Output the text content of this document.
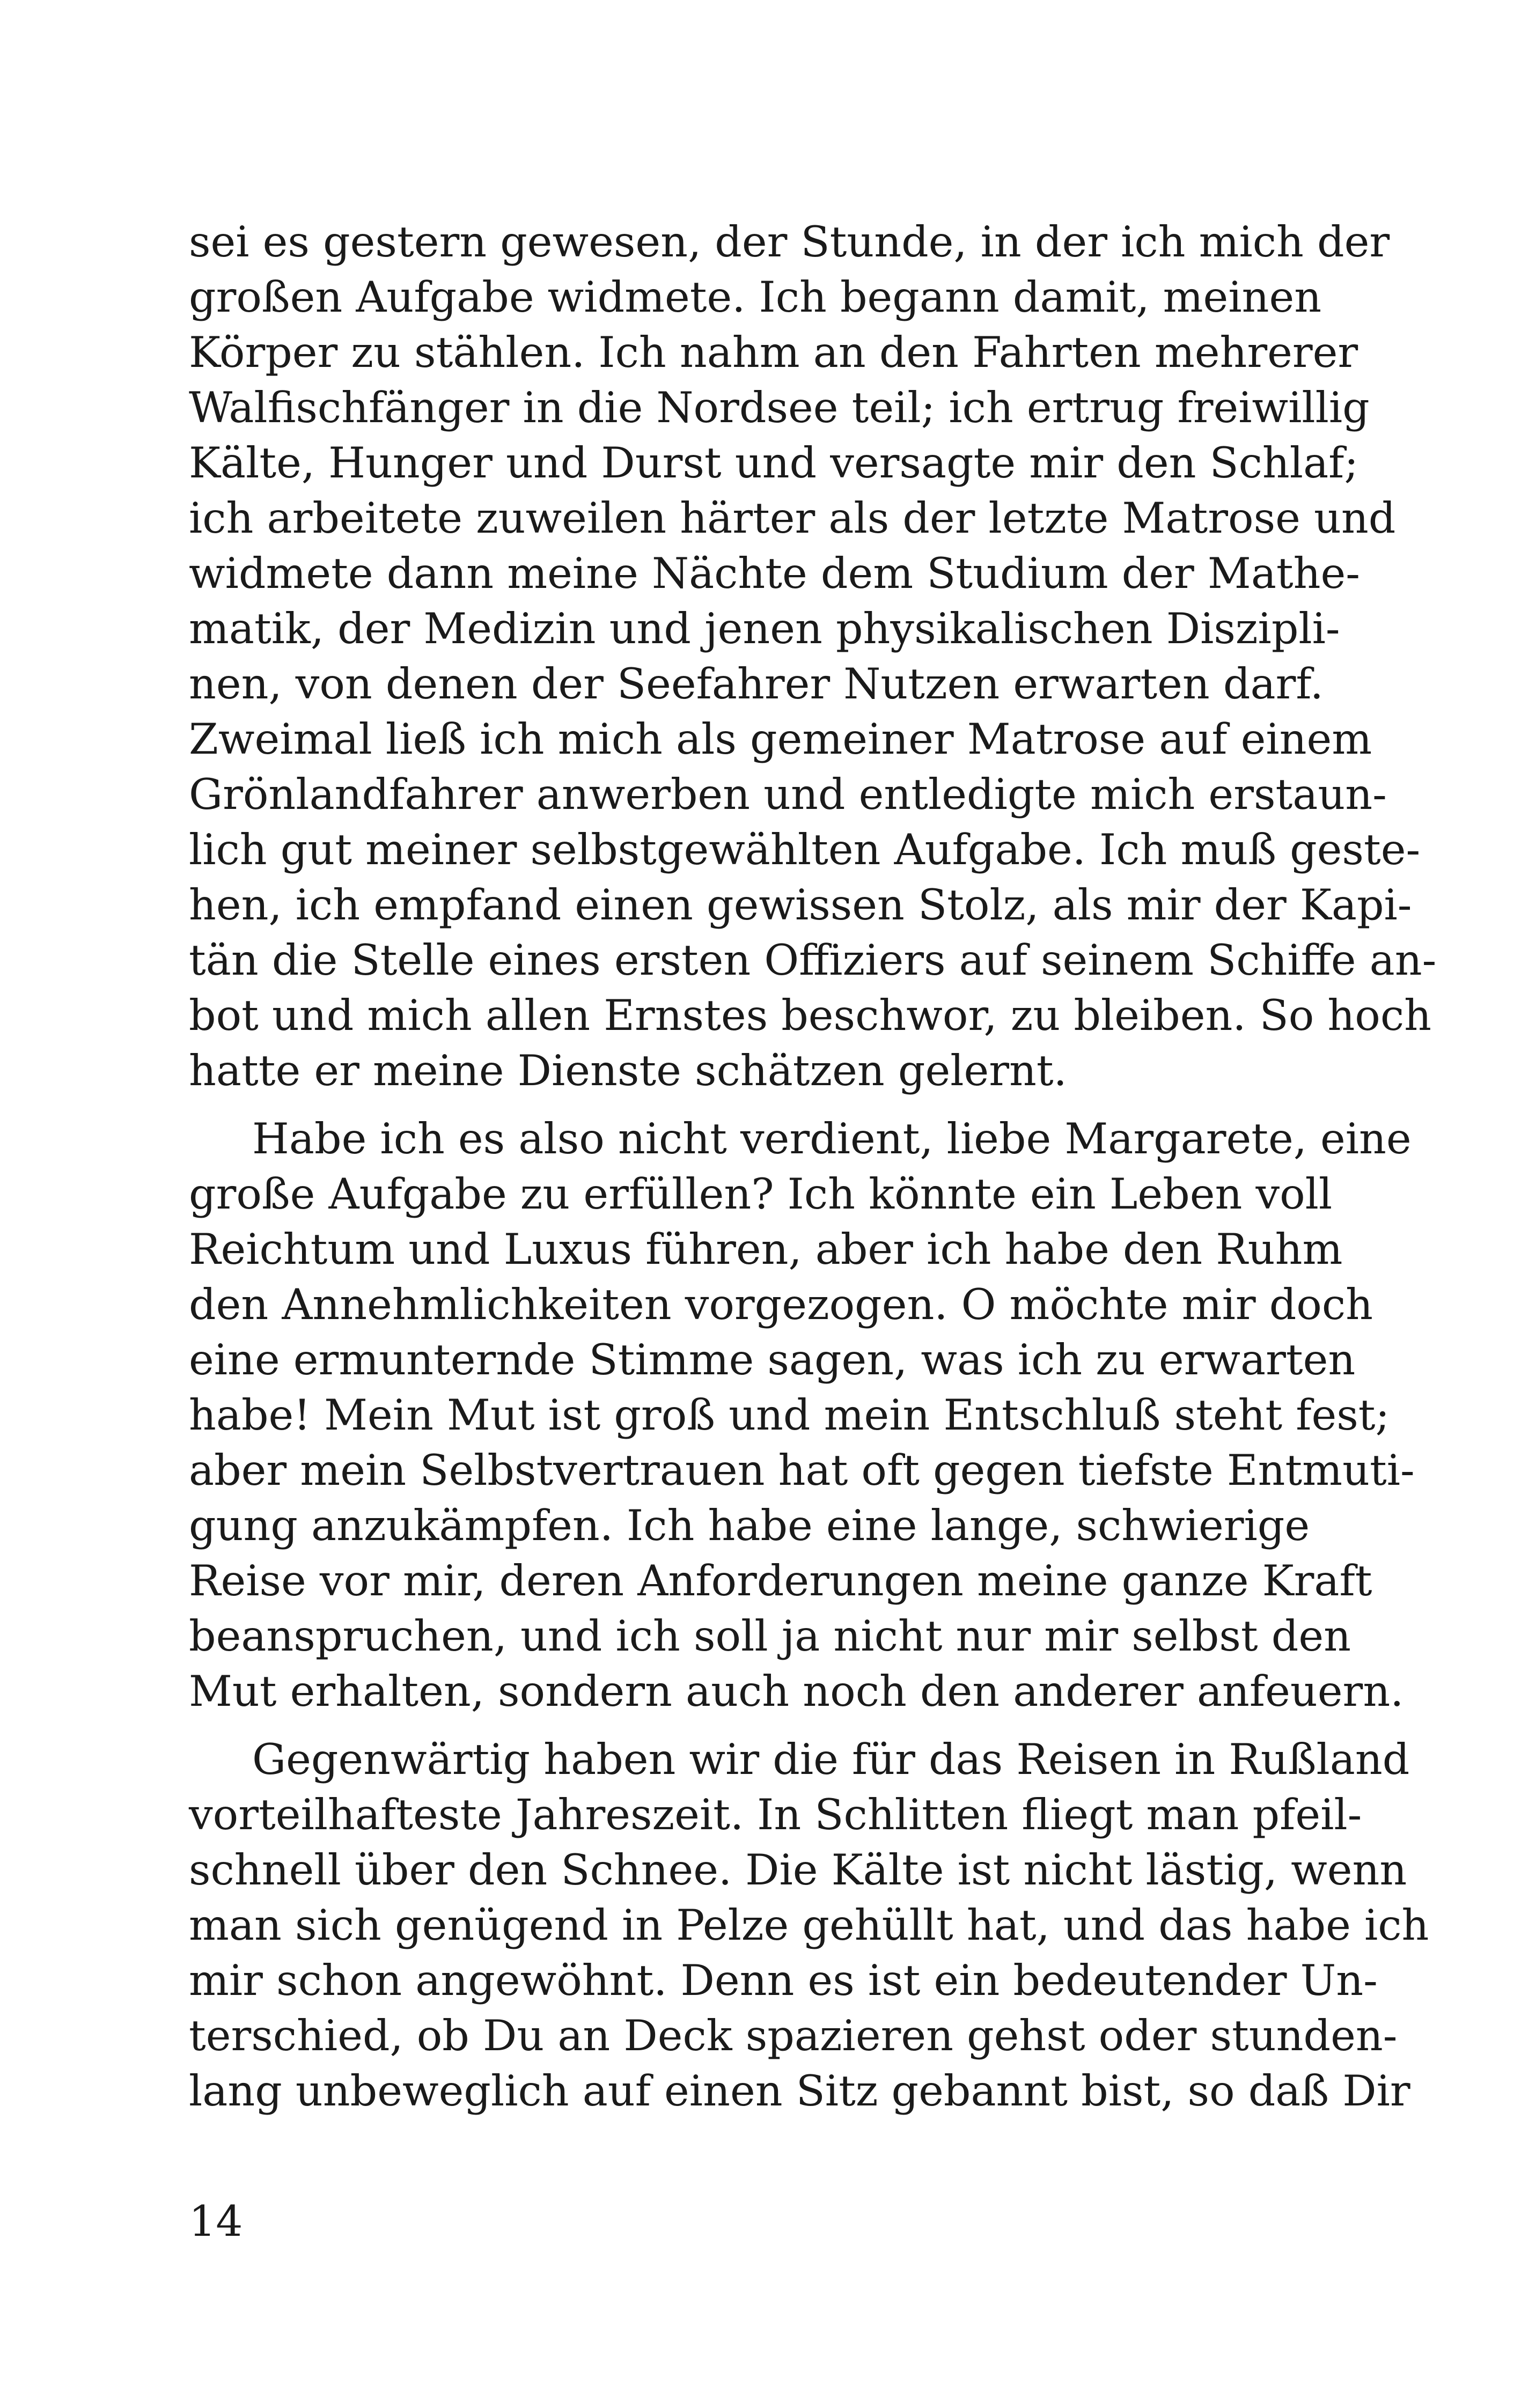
sei es gestern gewesen, der Stunde, in der ich mich der
großen Aufgabe widmete. Ich begann damit, meinen
Körper zu stählen. Ich nahm an den Fahrten mehrerer
Walfischfänger in die Nordsee teil; ich ertrug freiwillig
Kälte, Hunger und Durst und versagte mir den Schlaf;
ich arbeitete zuweilen härter als der letzte Matrose und
widmete dann meine Nächte dem Studium der Mathe-
matik, der Medizin und jenen physikalischen Diszipli-
nen, von denen der Seefahrer Nutzen erwarten darf.
Zweimal ließ ich mich als gemeiner Matrose auf einem
Grönlandfahrer anwerben und entledigte mich erstaun-
lich gut meiner selbstgewählten Aufgabe. Ich muß geste-
hen, ich empfand einen gewissen Stolz, als mir der Kapi-
tän die Stelle eines ersten Offiziers auf seinem Schiffe an-
bot und mich allen Ernstes beschwor, zu bleiben. So hoch
hatte er meine Dienste schätzen gelernt.
Habe ich es also nicht verdient, liebe Margarete, eine
große Aufgabe zu erfüllen? Ich könnte ein Leben voll
Reichtum und Luxus führen, aber ich habe den Ruhm
den Annehmlichkeiten vorgezogen. O möchte mir doch
eine ermunternde Stimme sagen, was ich zu erwarten
habe! Mein Mut ist groß und mein Entschluß steht fest;
aber mein Selbstvertrauen hat oft gegen tiefste Entmuti-
gung anzukämpfen. Ich habe eine lange, schwierige
Reise vor mir, deren Anforderungen meine ganze Kraft
beanspruchen, und ich soll ja nicht nur mir selbst den
Mut erhalten, sondern auch noch den anderer anfeuern.
Gegenwärtig haben wir die für das Reisen in Rußland
vorteilhafteste Jahreszeit. In Schlitten fliegt man pfeil-
schnell über den Schnee. Die Kälte ist nicht lästig, wenn
man sich genügend in Pelze gehüllt hat, und das habe ich
mir schon angewöhnt. Denn es ist ein bedeutender Un-
terschied, ob Du an Deck spazieren gehst oder stunden-
lang unbeweglich auf einen Sitz gebannt bist, so daß Dir
14
